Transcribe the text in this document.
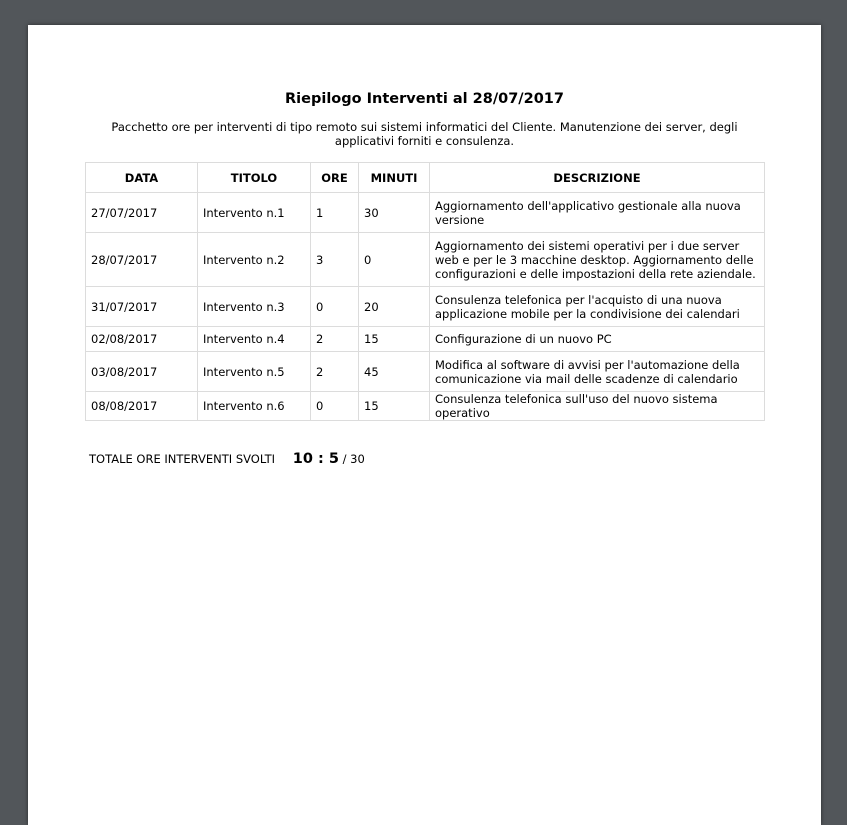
Riepilogo Interventi al 28/07/2017
Pacchetto ore per interventi di tipo remoto sui sistemi informatici del Cliente. Manutenzione dei server, degli applicativi forniti e consulenza.
DATA	TITOLO	ORE	MINUTI	DESCRIZIONE
27/07/2017	Intervento n.1	1	30	Aggiornamento dell'applicativo gestionale alla nuova versione
28/07/2017	Intervento n.2	3	0	Aggiornamento dei sistemi operativi per i due server web e per le 3 macchine desktop. Aggiornamento delle configurazioni e delle impostazioni della rete aziendale.
31/07/2017	Intervento n.3	0	20	Consulenza telefonica per l'acquisto di una nuova applicazione mobile per la condivisione dei calendari
02/08/2017	Intervento n.4	2	15	Configurazione di un nuovo PC
03/08/2017	Intervento n.5	2	45	Modifica al software di avvisi per l'automazione della comunicazione via mail delle scadenze di calendario
08/08/2017	Intervento n.6	0	15	Consulenza telefonica sull'uso del nuovo sistema operativo
TOTALE ORE INTERVENTI SVOLTI 10 : 5 / 30
